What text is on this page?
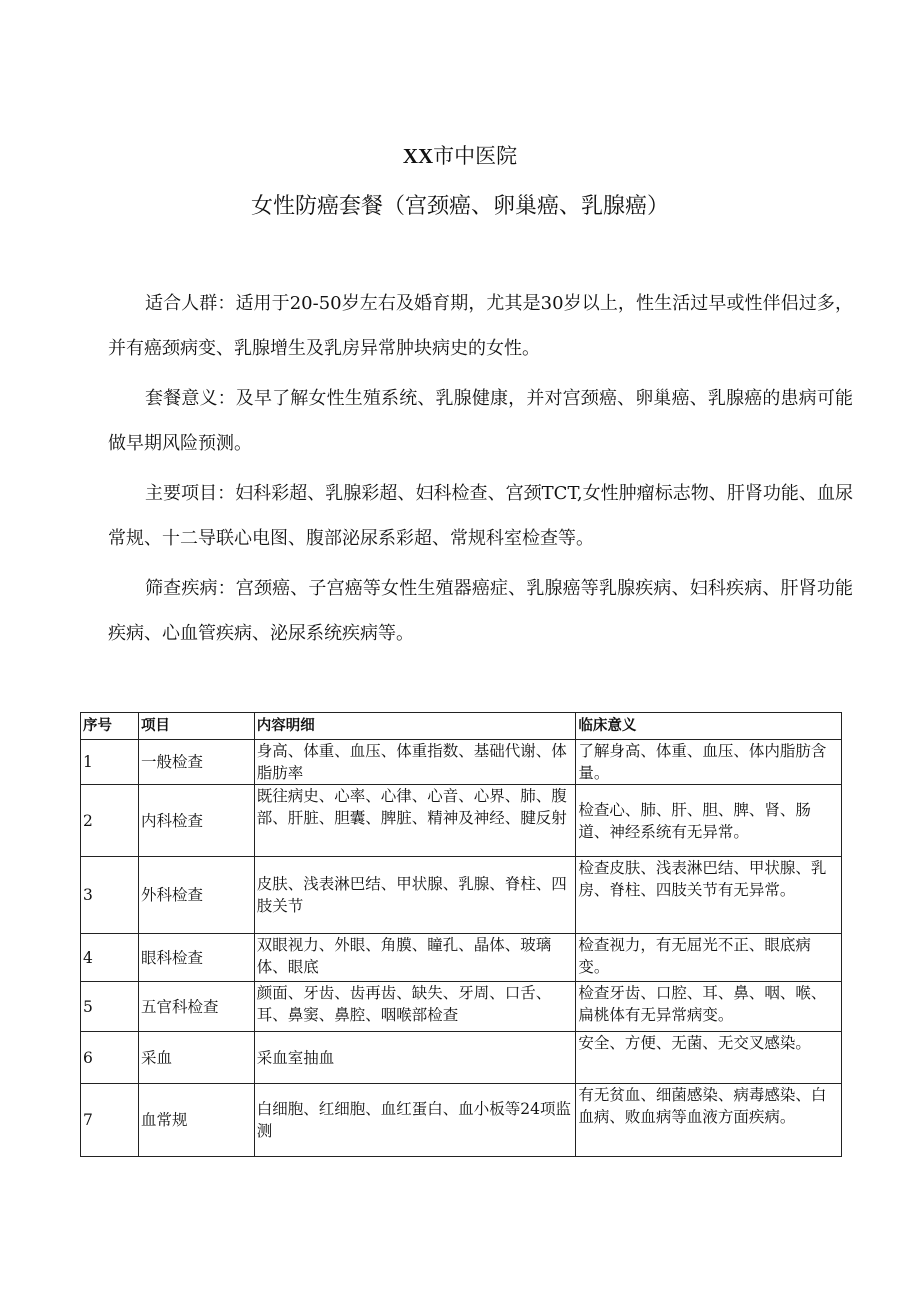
XX市中医院
女性防癌套餐（宫颈癌、卵巢癌、乳腺癌）

适合人群：适用于20-50岁左右及婚育期，尤其是30岁以上，性生活过早或性伴侣过多，并有癌颈病变、乳腺增生及乳房异常肿块病史的女性。

套餐意义：及早了解女性生殖系统、乳腺健康，并对宫颈癌、卵巢癌、乳腺癌的患病可能做早期风险预测。

主要项目：妇科彩超、乳腺彩超、妇科检查、宫颈TCT,女性肿瘤标志物、肝肾功能、血尿常规、十二导联心电图、腹部泌尿系彩超、常规科室检查等。

筛查疾病：宫颈癌、子宫癌等女性生殖器癌症、乳腺癌等乳腺疾病、妇科疾病、肝肾功能疾病、心血管疾病、泌尿系统疾病等。

序号	项目	内容明细	临床意义
1	一般检查	身高、体重、血压、体重指数、基础代谢、体脂肪率	了解身高、体重、血压、体内脂肪含量。
2	内科检查	既往病史、心率、心律、心音、心界、肺、腹部、肝脏、胆囊、脾脏、精神及神经、腱反射	检查心、肺、肝、胆、脾、肾、肠道、神经系统有无异常。
3	外科检查	皮肤、浅表淋巴结、甲状腺、乳腺、脊柱、四肢关节	检查皮肤、浅表淋巴结、甲状腺、乳房、脊柱、四肢关节有无异常。
4	眼科检查	双眼视力、外眼、角膜、瞳孔、晶体、玻璃体、眼底	检查视力，有无屈光不正、眼底病变。
5	五官科检查	颜面、牙齿、齿再齿、缺失、牙周、口舌、耳、鼻窦、鼻腔、咽喉部检查	检查牙齿、口腔、耳、鼻、咽、喉、扁桃体有无异常病变。
6	采血	采血室抽血	安全、方便、无菌、无交叉感染。
7	血常规	白细胞、红细胞、血红蛋白、血小板等24项监测	有无贫血、细菌感染、病毒感染、白血病、败血病等血液方面疾病。
